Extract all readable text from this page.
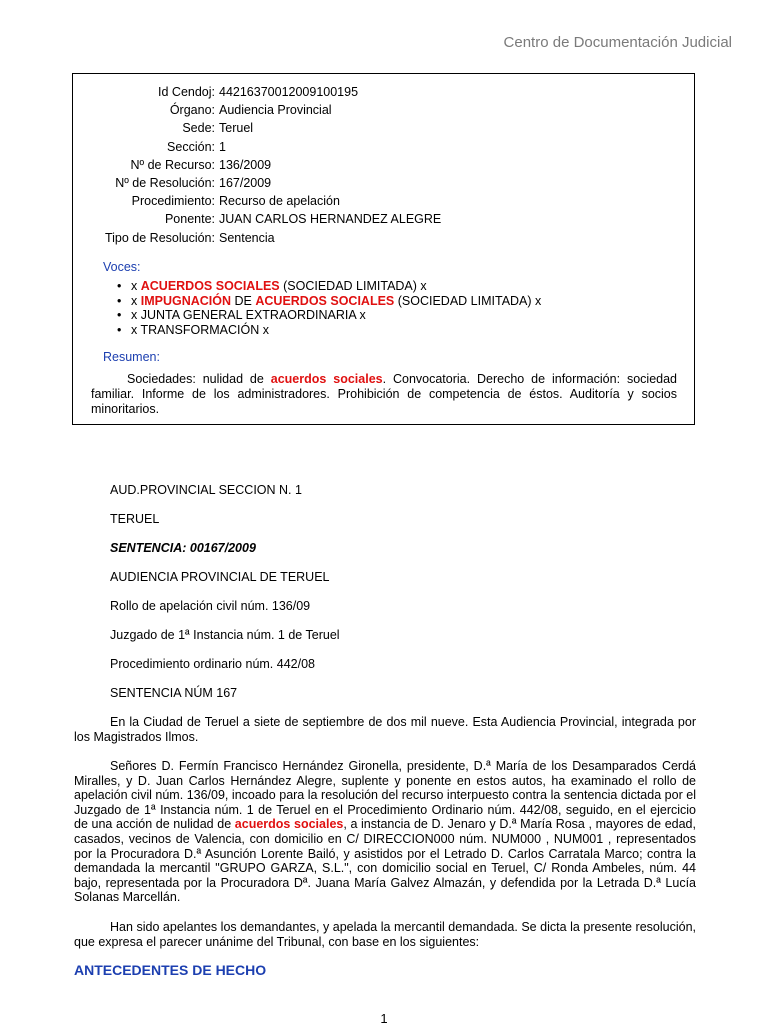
Centro de Documentación Judicial
Id Cendoj:	44216370012009100195
Órgano:	Audiencia Provincial
Sede:	Teruel
Sección:	1
Nº de Recurso:	136/2009
Nº de Resolución:	167/2009
Procedimiento:	Recurso de apelación
Ponente:	JUAN CARLOS HERNANDEZ ALEGRE
Tipo de Resolución:	Sentencia
Voces:
• x ACUERDOS SOCIALES (SOCIEDAD LIMITADA) x
• x IMPUGNACIÓN DE ACUERDOS SOCIALES (SOCIEDAD LIMITADA) x
• x JUNTA GENERAL EXTRAORDINARIA x
• x TRANSFORMACIÓN x
Resumen:
Sociedades: nulidad de acuerdos sociales. Convocatoria. Derecho de información: sociedad familiar. Informe de los administradores. Prohibición de competencia de éstos. Auditoría y socios minoritarios.
AUD.PROVINCIAL SECCION N. 1
TERUEL
SENTENCIA: 00167/2009
AUDIENCIA PROVINCIAL DE TERUEL
Rollo de apelación civil núm. 136/09
Juzgado de 1ª Instancia núm. 1 de Teruel
Procedimiento ordinario núm. 442/08
SENTENCIA NÚM 167
En la Ciudad de Teruel a siete de septiembre de dos mil nueve. Esta Audiencia Provincial, integrada por los Magistrados Ilmos.
Señores D. Fermín Francisco Hernández Gironella, presidente, D.ª María de los Desamparados Cerdá Miralles, y D. Juan Carlos Hernández Alegre, suplente y ponente en estos autos, ha examinado el rollo de apelación civil núm. 136/09, incoado para la resolución del recurso interpuesto contra la sentencia dictada por el Juzgado de 1ª Instancia núm. 1 de Teruel en el Procedimiento Ordinario núm. 442/08, seguido, en el ejercicio de una acción de nulidad de acuerdos sociales, a instancia de D. Jenaro y D.ª María Rosa , mayores de edad, casados, vecinos de Valencia, con domicilio en C/ DIRECCION000 núm. NUM000 , NUM001 , representados por la Procuradora D.ª Asunción Lorente Bailó, y asistidos por el Letrado D. Carlos Carratala Marco; contra la demandada la mercantil "GRUPO GARZA, S.L.", con domicilio social en Teruel, C/ Ronda Ambeles, núm. 44 bajo, representada por la Procuradora Dª. Juana María Galvez Almazán, y defendida por la Letrada D.ª Lucía Solanas Marcellán.
Han sido apelantes los demandantes, y apelada la mercantil demandada. Se dicta la presente resolución, que expresa el parecer unánime del Tribunal, con base en los siguientes:
ANTECEDENTES DE HECHO
1
